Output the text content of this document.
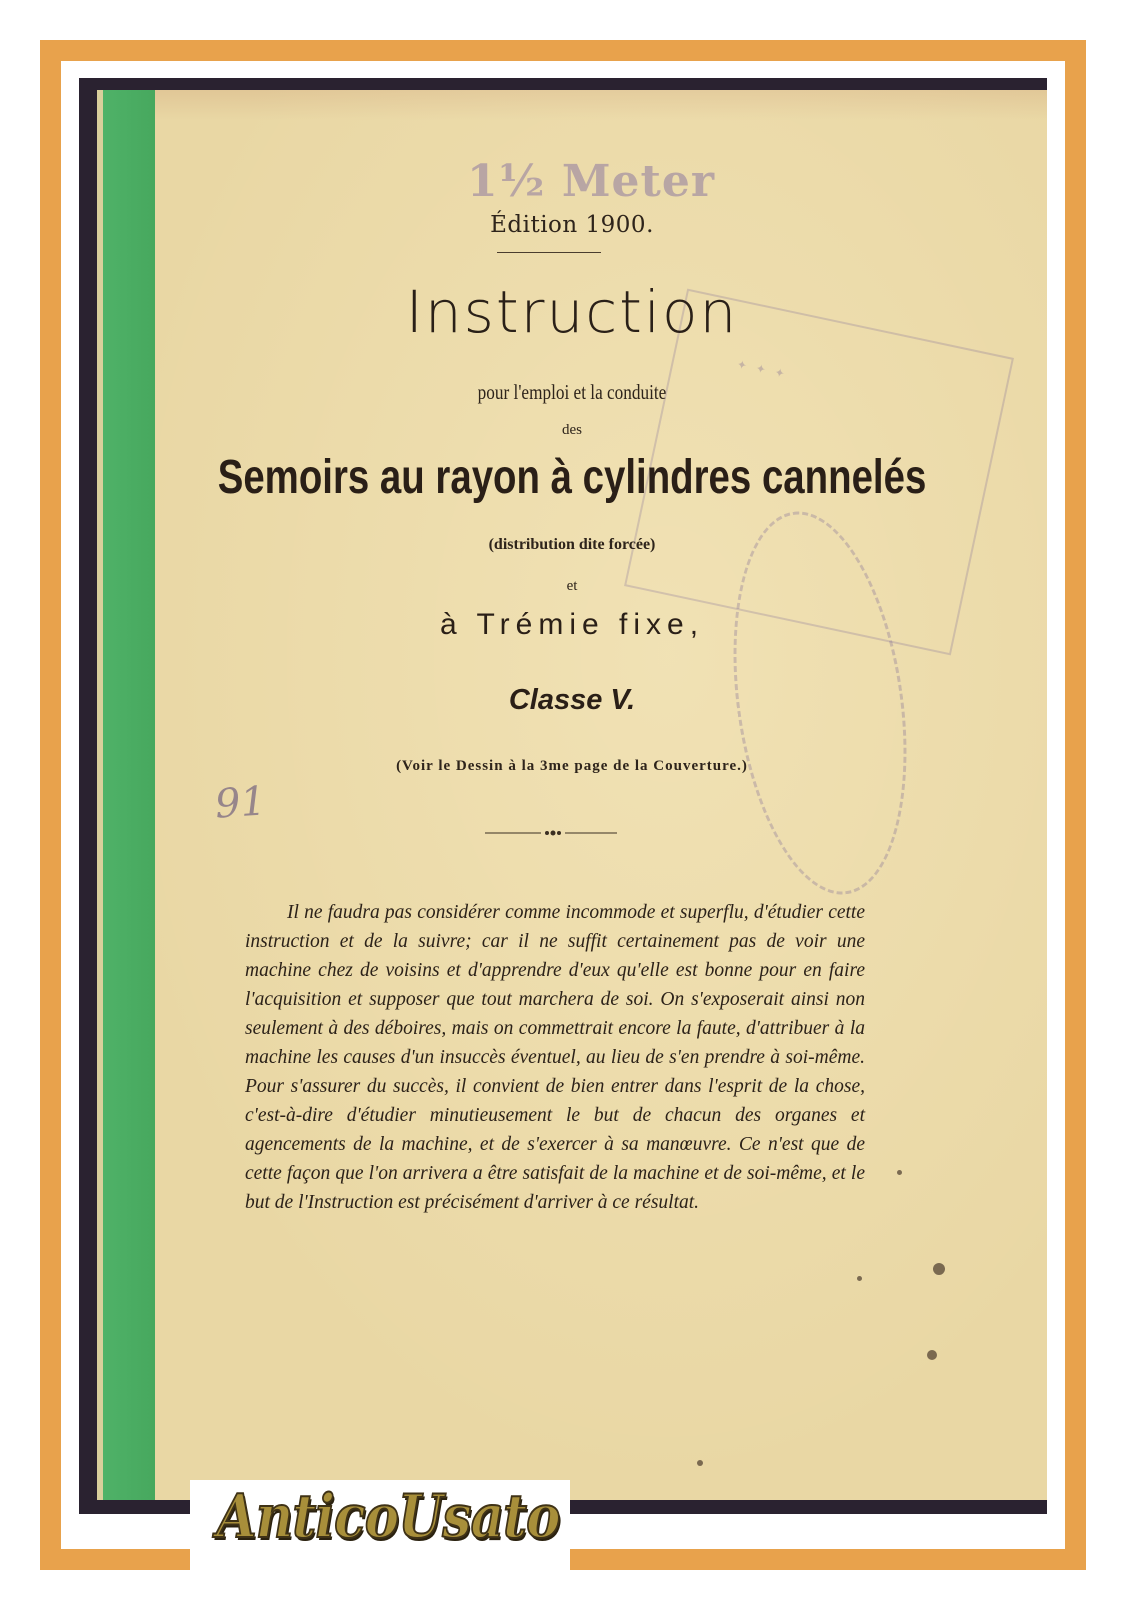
✦ ✦ ✦
1½ Meter
Édition 1900.
Instruction
pour l'emploi et la conduite
des
Semoirs au rayon à cylindres cannelés
(distribution dite forcée)
et
à Trémie fixe,
Classe V.
(Voir le Dessin à la 3me page de la Couverture.)
91
Il ne faudra pas considérer comme incommode et superflu, d'étudier cette instruction et de la suivre; car il ne suffit certainement pas de voir une machine chez de voisins et d'apprendre d'eux qu'elle est bonne pour en faire l'acquisition et supposer que tout marchera de soi. On s'exposerait ainsi non seulement à des déboires, mais on commettrait encore la faute, d'attribuer à la machine les causes d'un insuccès éventuel, au lieu de s'en prendre à soi-même. Pour s'assurer du succès, il convient de bien entrer dans l'esprit de la chose, c'est-à-dire d'étudier minutieusement le but de chacun des organes et agencements de la machine, et de s'exercer à sa manœuvre. Ce n'est que de cette façon que l'on arrivera a être satisfait de la machine et de soi-même, et le but de l'Instruction est précisément d'arriver à ce résultat.
AnticoUsato
